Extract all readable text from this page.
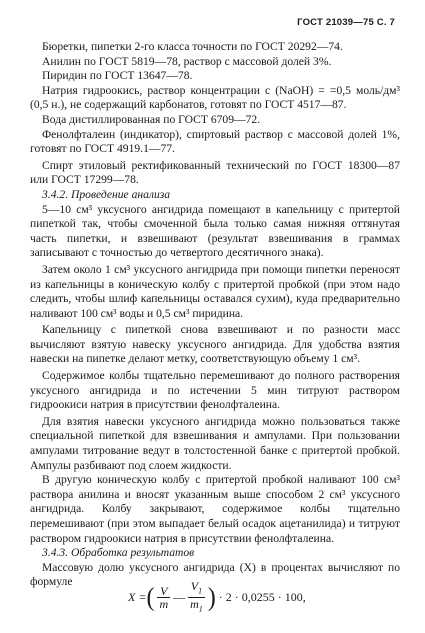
ГОСТ 21039—75 С. 7

Бюретки, пипетки 2-го класса точности по ГОСТ 20292—74.

Анилин по ГОСТ 5819—78, раствор с массовой долей 3%.

Пиридин по ГОСТ 13647—78.

Натрия гидроокись, раствор концентрации c (NaOH) = =0,5 моль/дм³ (0,5 н.), не содержащий карбонатов, готовят по ГОСТ 4517—87.

Вода дистиллированная по ГОСТ 6709—72.

Фенолфталеин (индикатор), спиртовый раствор с массовой долей 1%, готовят по ГОСТ 4919.1—77.

Спирт этиловый ректификованный технический по ГОСТ 18300—87 или ГОСТ 17299—78.

3.4.2. Проведение анализа

5—10 см³ уксусного ангидрида помещают в капельницу с притертой пипеткой так, чтобы смоченной была только самая нижняя оттянутая часть пипетки, и взвешивают (результат взвешивания в граммах записывают с точностью до четвертого десятичного знака).

Затем около 1 см³ уксусного ангидрида при помощи пипетки переносят из капельницы в коническую колбу с притертой пробкой (при этом надо следить, чтобы шлиф капельницы оставался сухим), куда предварительно наливают 100 см³ воды и 0,5 см³ пиридина.

Капельницу с пипеткой снова взвешивают и по разности масс вычисляют взятую навеску уксусного ангидрида. Для удобства взятия навески на пипетке делают метку, соответствующую объему 1 см³.

Содержимое колбы тщательно перемешивают до полного растворения уксусного ангидрида и по истечении 5 мин титруют раствором гидроокиси натрия в присутствии фенолфталеина.

Для взятия навески уксусного ангидрида можно пользоваться также специальной пипеткой для взвешивания и ампулами. При пользовании ампулами титрование ведут в толстостенной банке с притертой пробкой. Ампулы разбивают под слоем жидкости.

В другую коническую колбу с притертой пробкой наливают 100 см³ раствора анилина и вносят указанным выше способом 2 см³ уксусного ангидрида. Колбу закрывают, содержимое колбы тщательно перемешивают (при этом выпадает белый осадок ацетанилида) и титруют раствором гидроокиси натрия в присутствии фенолфталеина.

3.4.3. Обработка результатов

Массовую долю уксусного ангидрида (X) в процентах вычисляют по формуле

X = ( $\frac{V}{m}$ — $\frac{V_1}{m_1}$ ) · 2 · 0,0255 · 100,
